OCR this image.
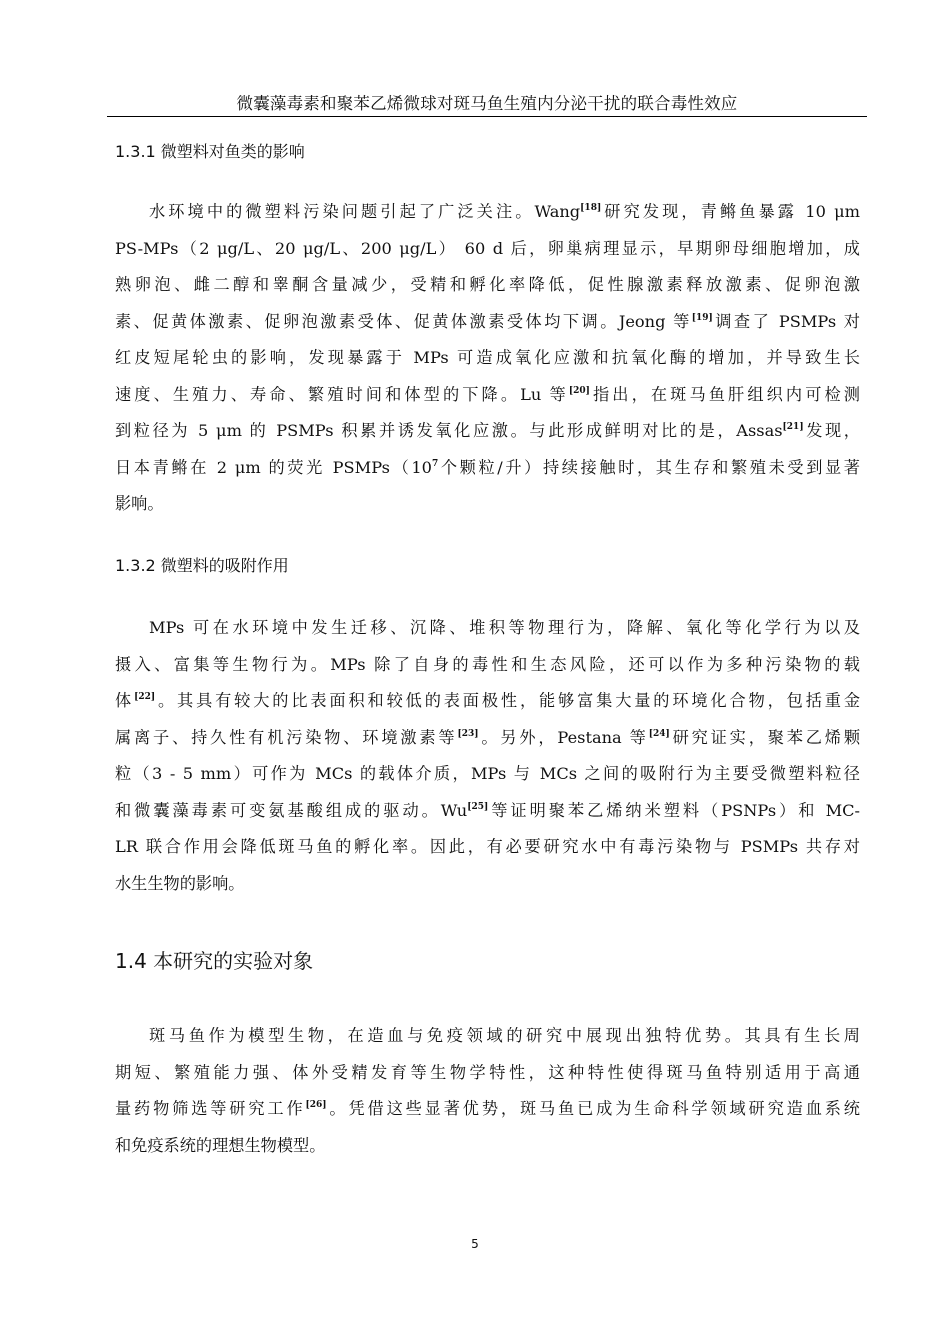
微囊藻毒素和聚苯乙烯微球对斑马鱼生殖内分泌干扰的联合毒性效应
1.3.1 微塑料对鱼类的影响
水环境中的微塑料污染问题引起了广泛关注。Wang[18]研究发现，青鳉鱼暴露 10 μm
PS-MPs（2 μg/L、20 μg/L、200 μg/L） 60 d 后，卵巢病理显示，早期卵母细胞增加，成
熟卵泡、雌二醇和睾酮含量减少，受精和孵化率降低，促性腺激素释放激素、促卵泡激
素、促黄体激素、促卵泡激素受体、促黄体激素受体均下调。Jeong 等[19]调查了 PSMPs 对
红皮短尾轮虫的影响，发现暴露于 MPs 可造成氧化应激和抗氧化酶的增加，并导致生长
速度、生殖力、寿命、繁殖时间和体型的下降。Lu 等[20]指出，在斑马鱼肝组织内可检测
到粒径为 5 μm 的 PSMPs 积累并诱发氧化应激。与此形成鲜明对比的是，Assas[21]发现，
日本青鳉在 2 μm 的荧光 $PSMPs(10^7$个颗粒/升）持续接触时，其生存和繁殖未受到显著
影响。
1.3.2 微塑料的吸附作用
MPs 可在水环境中发生迁移、沉降、堆积等物理行为，降解、氧化等化学行为以及
摄入、富集等生物行为。MPs 除了自身的毒性和生态风险，还可以作为多种污染物的载
体[22]。其具有较大的比表面积和较低的表面极性，能够富集大量的环境化合物，包括重金
属离子、持久性有机污染物、环境激素等[23]。另外，Pestana 等[24]研究证实，聚苯乙烯颗
粒（3 - 5 mm）可作为 MCs 的载体介质，MPs 与 MCs 之间的吸附行为主要受微塑料粒径
和微囊藻毒素可变氨基酸组成的驱动。Wu[25]等证明聚苯乙烯纳米塑料（PSNPs）和 MC-
LR 联合作用会降低斑马鱼的孵化率。因此，有必要研究水中有毒污染物与 PSMPs 共存对
水生生物的影响。
1.4 本研究的实验对象
斑马鱼作为模型生物，在造血与免疫领域的研究中展现出独特优势。其具有生长周
期短、繁殖能力强、体外受精发育等生物学特性，这种特性使得斑马鱼特别适用于高通
量药物筛选等研究工作[26]。凭借这些显著优势，斑马鱼已成为生命科学领域研究造血系统
和免疫系统的理想生物模型。
5
